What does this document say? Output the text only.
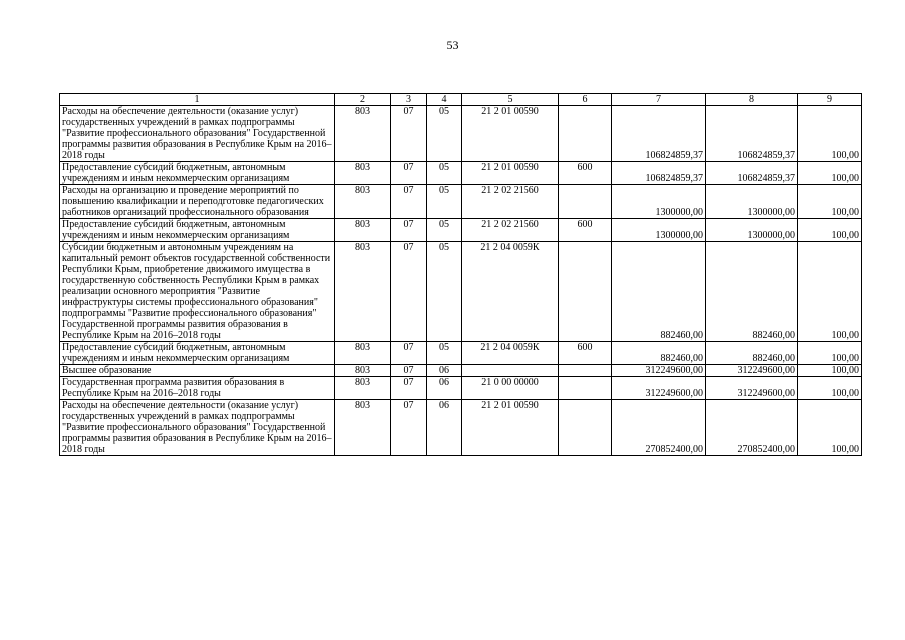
53
1	2	3	4	5	6	7	8	9
Расходы на обеспечение деятельности (оказание услуг) государственных учреждений в рамках подпрограммы "Развитие профессионального образования" Государственной программы развития образования в Республике Крым на 2016–2018 годы	803	07	05	21 2 01 00590		106824859,37	106824859,37	100,00
Предоставление субсидий бюджетным, автономным учреждениям и иным некоммерческим организациям	803	07	05	21 2 01 00590	600	106824859,37	106824859,37	100,00
Расходы на организацию и проведение мероприятий по повышению квалификации и переподготовке педагогических работников организаций профессионального образования	803	07	05	21 2 02 21560		1300000,00	1300000,00	100,00
Предоставление субсидий бюджетным, автономным учреждениям и иным некоммерческим организациям	803	07	05	21 2 02 21560	600	1300000,00	1300000,00	100,00
Субсидии бюджетным и автономным учреждениям на капитальный ремонт объектов государственной собственности Республики Крым, приобретение движимого имущества в государственную собственность Республики Крым в рамках реализации основного мероприятия "Развитие инфраструктуры системы профессионального образования" подпрограммы "Развитие профессионального образования" Государственной программы развития образования в Республике Крым на 2016–2018 годы	803	07	05	21 2 04 0059К		882460,00	882460,00	100,00
Предоставление субсидий бюджетным, автономным учреждениям и иным некоммерческим организациям	803	07	05	21 2 04 0059К	600	882460,00	882460,00	100,00
Высшее образование	803	07	06			312249600,00	312249600,00	100,00
Государственная программа развития образования в Республике Крым на 2016–2018 годы	803	07	06	21 0 00 00000		312249600,00	312249600,00	100,00
Расходы на обеспечение деятельности (оказание услуг) государственных учреждений в рамках подпрограммы "Развитие профессионального образования" Государственной программы развития образования в Республике Крым на 2016–2018 годы	803	07	06	21 2 01 00590		270852400,00	270852400,00	100,00
